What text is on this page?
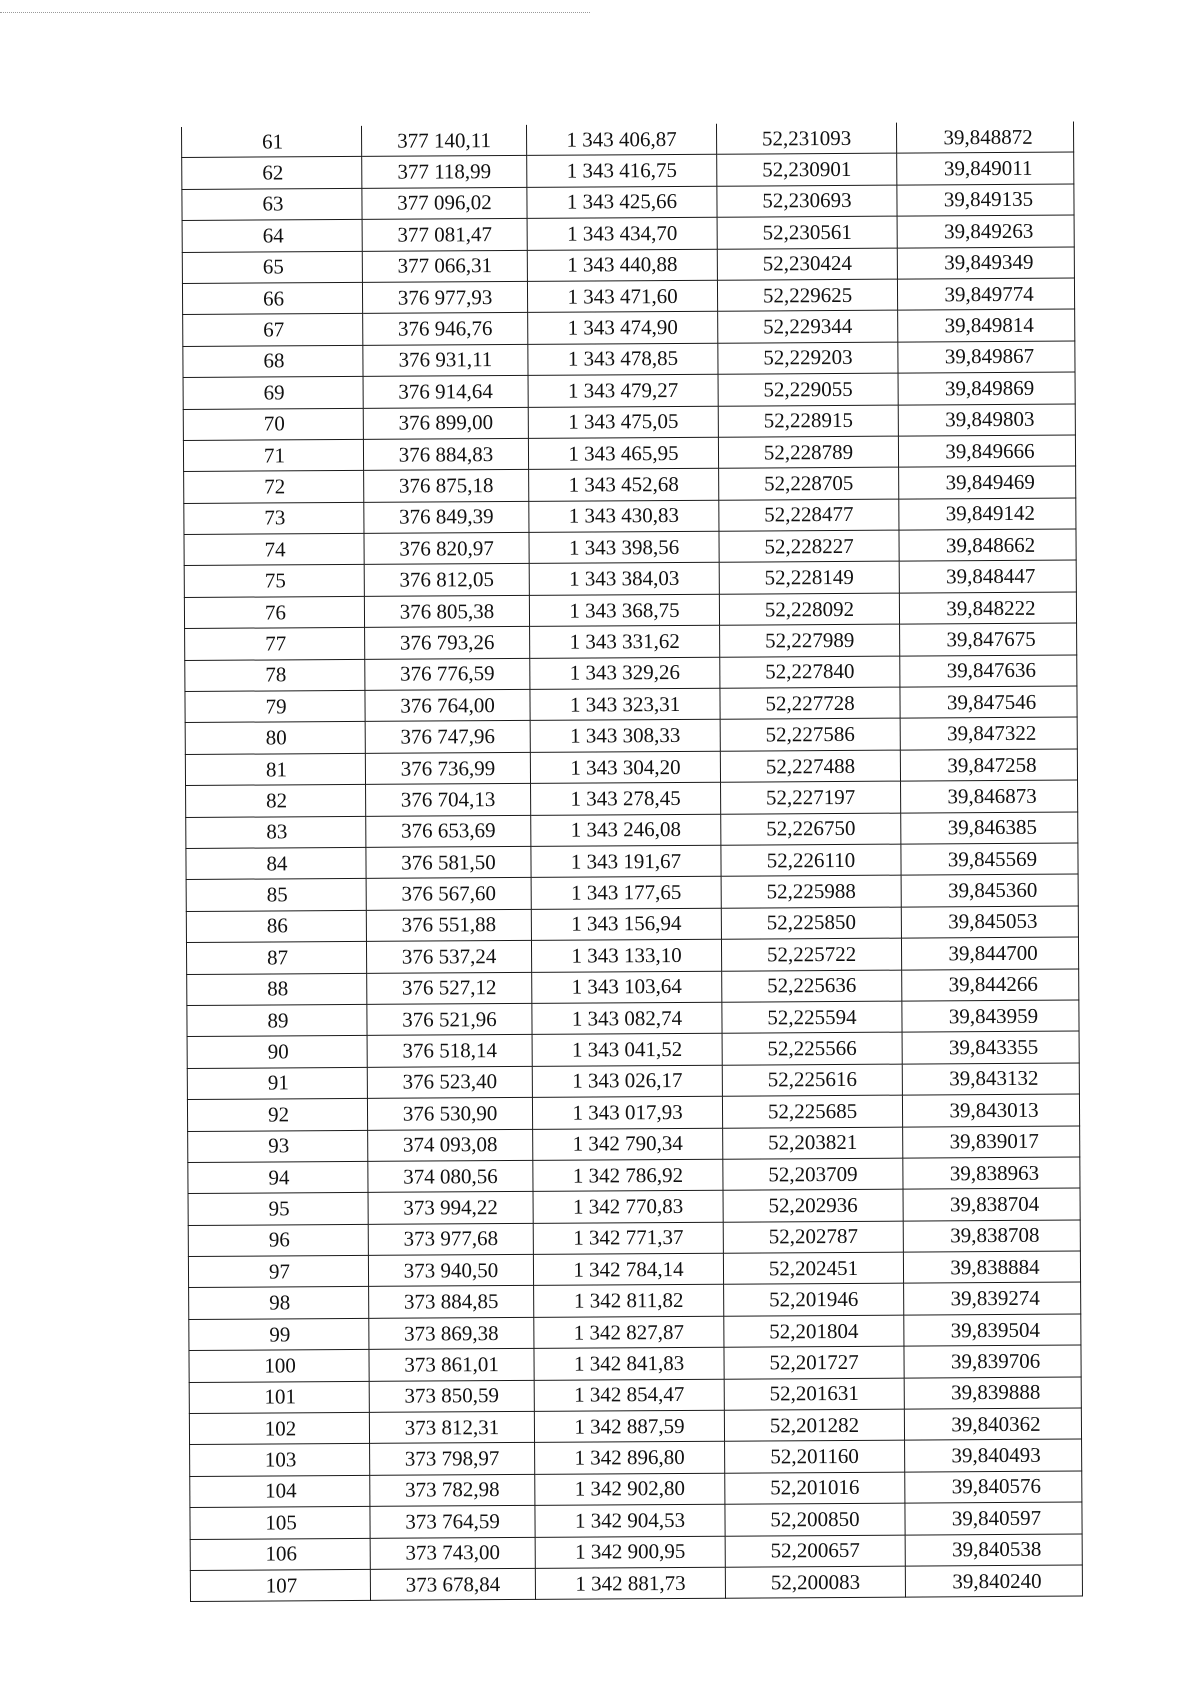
61	377 140,11	1 343 406,87	52,231093	39,848872
62	377 118,99	1 343 416,75	52,230901	39,849011
63	377 096,02	1 343 425,66	52,230693	39,849135
64	377 081,47	1 343 434,70	52,230561	39,849263
65	377 066,31	1 343 440,88	52,230424	39,849349
66	376 977,93	1 343 471,60	52,229625	39,849774
67	376 946,76	1 343 474,90	52,229344	39,849814
68	376 931,11	1 343 478,85	52,229203	39,849867
69	376 914,64	1 343 479,27	52,229055	39,849869
70	376 899,00	1 343 475,05	52,228915	39,849803
71	376 884,83	1 343 465,95	52,228789	39,849666
72	376 875,18	1 343 452,68	52,228705	39,849469
73	376 849,39	1 343 430,83	52,228477	39,849142
74	376 820,97	1 343 398,56	52,228227	39,848662
75	376 812,05	1 343 384,03	52,228149	39,848447
76	376 805,38	1 343 368,75	52,228092	39,848222
77	376 793,26	1 343 331,62	52,227989	39,847675
78	376 776,59	1 343 329,26	52,227840	39,847636
79	376 764,00	1 343 323,31	52,227728	39,847546
80	376 747,96	1 343 308,33	52,227586	39,847322
81	376 736,99	1 343 304,20	52,227488	39,847258
82	376 704,13	1 343 278,45	52,227197	39,846873
83	376 653,69	1 343 246,08	52,226750	39,846385
84	376 581,50	1 343 191,67	52,226110	39,845569
85	376 567,60	1 343 177,65	52,225988	39,845360
86	376 551,88	1 343 156,94	52,225850	39,845053
87	376 537,24	1 343 133,10	52,225722	39,844700
88	376 527,12	1 343 103,64	52,225636	39,844266
89	376 521,96	1 343 082,74	52,225594	39,843959
90	376 518,14	1 343 041,52	52,225566	39,843355
91	376 523,40	1 343 026,17	52,225616	39,843132
92	376 530,90	1 343 017,93	52,225685	39,843013
93	374 093,08	1 342 790,34	52,203821	39,839017
94	374 080,56	1 342 786,92	52,203709	39,838963
95	373 994,22	1 342 770,83	52,202936	39,838704
96	373 977,68	1 342 771,37	52,202787	39,838708
97	373 940,50	1 342 784,14	52,202451	39,838884
98	373 884,85	1 342 811,82	52,201946	39,839274
99	373 869,38	1 342 827,87	52,201804	39,839504
100	373 861,01	1 342 841,83	52,201727	39,839706
101	373 850,59	1 342 854,47	52,201631	39,839888
102	373 812,31	1 342 887,59	52,201282	39,840362
103	373 798,97	1 342 896,80	52,201160	39,840493
104	373 782,98	1 342 902,80	52,201016	39,840576
105	373 764,59	1 342 904,53	52,200850	39,840597
106	373 743,00	1 342 900,95	52,200657	39,840538
107	373 678,84	1 342 881,73	52,200083	39,840240
